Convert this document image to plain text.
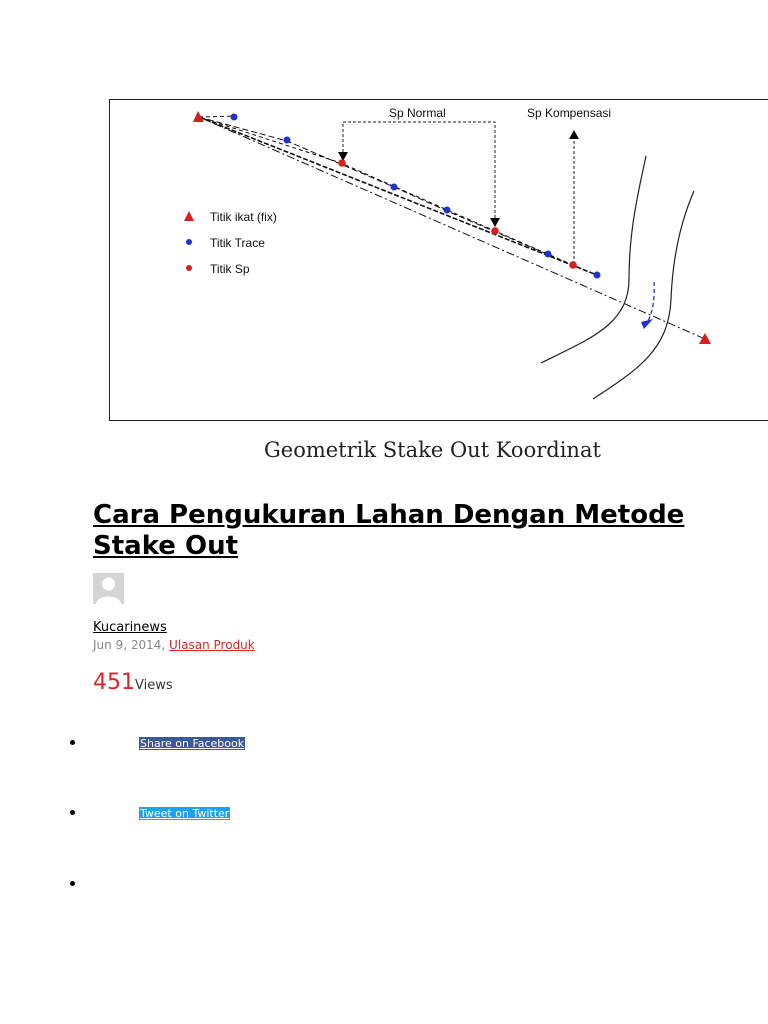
Sp Normal	Sp Kompensasi
Titik ikat (fix)
Titik Trace
Titik Sp
Geometrik Stake Out Koordinat
Cara Pengukuran Lahan Dengan Metode Stake Out
Kucarinews
Jun 9, 2014, Ulasan Produk
451Views
Share on Facebook
Tweet on Twitter
